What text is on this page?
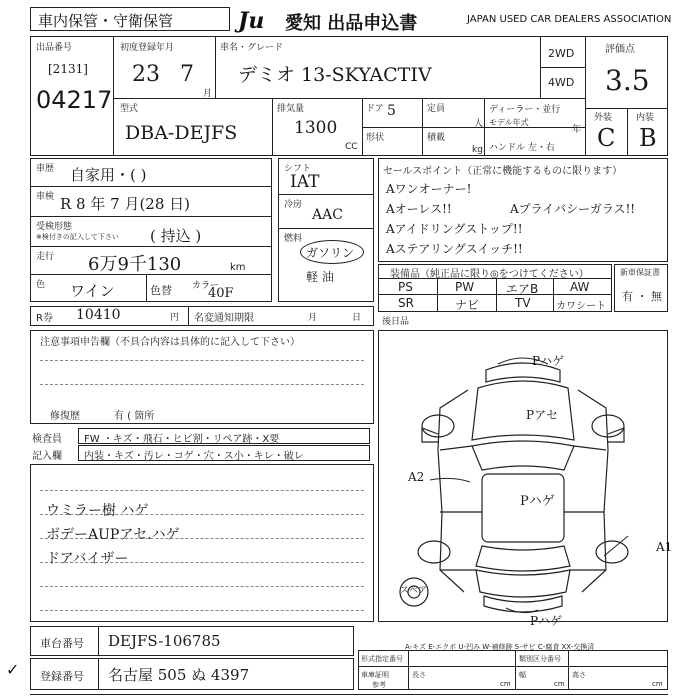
車内保管・守衛保管	Ju 愛知 出品申込書	JAPAN USED CAR DEALERS ASSOCIATION
出品番号
[2131]
04217
初度登録年月
23 7
月
車名・グレード
デミオ 13-SKYACTIV
2WD
4WD
評価点
3.5
外装	内装
C B
型式
DBA-DEJFS
排気量
1300
CC
ドア 5	定員
人
形状	積載
kg
ディーラー・並行
モデル年式
年
ハンドル 左・右
車歴 自家用・( )
車検 R 8 年 7 月(28 日)
受検形態
※検付きの記入して下さい ( 持込 )
走行 6万9千130	km
色 ワイン	色替 カラー
40F
シフト
IAT
冷房
AAC
燃料
ガソリン
軽 油
セールスポイント（正常に機能するものに限ります）
Aワンオーナー!
Aオーレス!!	Aプライバシーガラス!!
Aアイドリングストップ!!
Aステアリングスイッチ!!
装備品（純正品に限り◎をつけてください）
PS	PW	エアB	AW
SR	ナビ	TV	カワシート
新車保証書
有 ・ 無
R券 10410	円 名変通知期限	月	日 後日品
注意事項申告欄（不具合内容は具体的に記入して下さい）
修復歴	有 ( 箇所
検査員 FW ・キズ・飛石・ヒビ割・リペア跡・X要
記入欄 内装・キズ・汚レ・コゲ・穴・ス小・キレ・破レ
ウミラー樹 ハゲ
ボデーAUPアセ.ハゲ
ドアバイザー
Pハゲ
Pアセ
Pハゲ
A2
A1
Pハゲ
スペア
A-キズ E-エクボ U-凹み W-補修跡 S-サビ C-腐食 XX-交換済
車台番号 DEJFS-106785
✓ 登録番号 名古屋 505 ぬ 4397
形式指定番号	類別区分番号
車庫証明	長さ	幅	高さ
参考	cm	cm	cm
